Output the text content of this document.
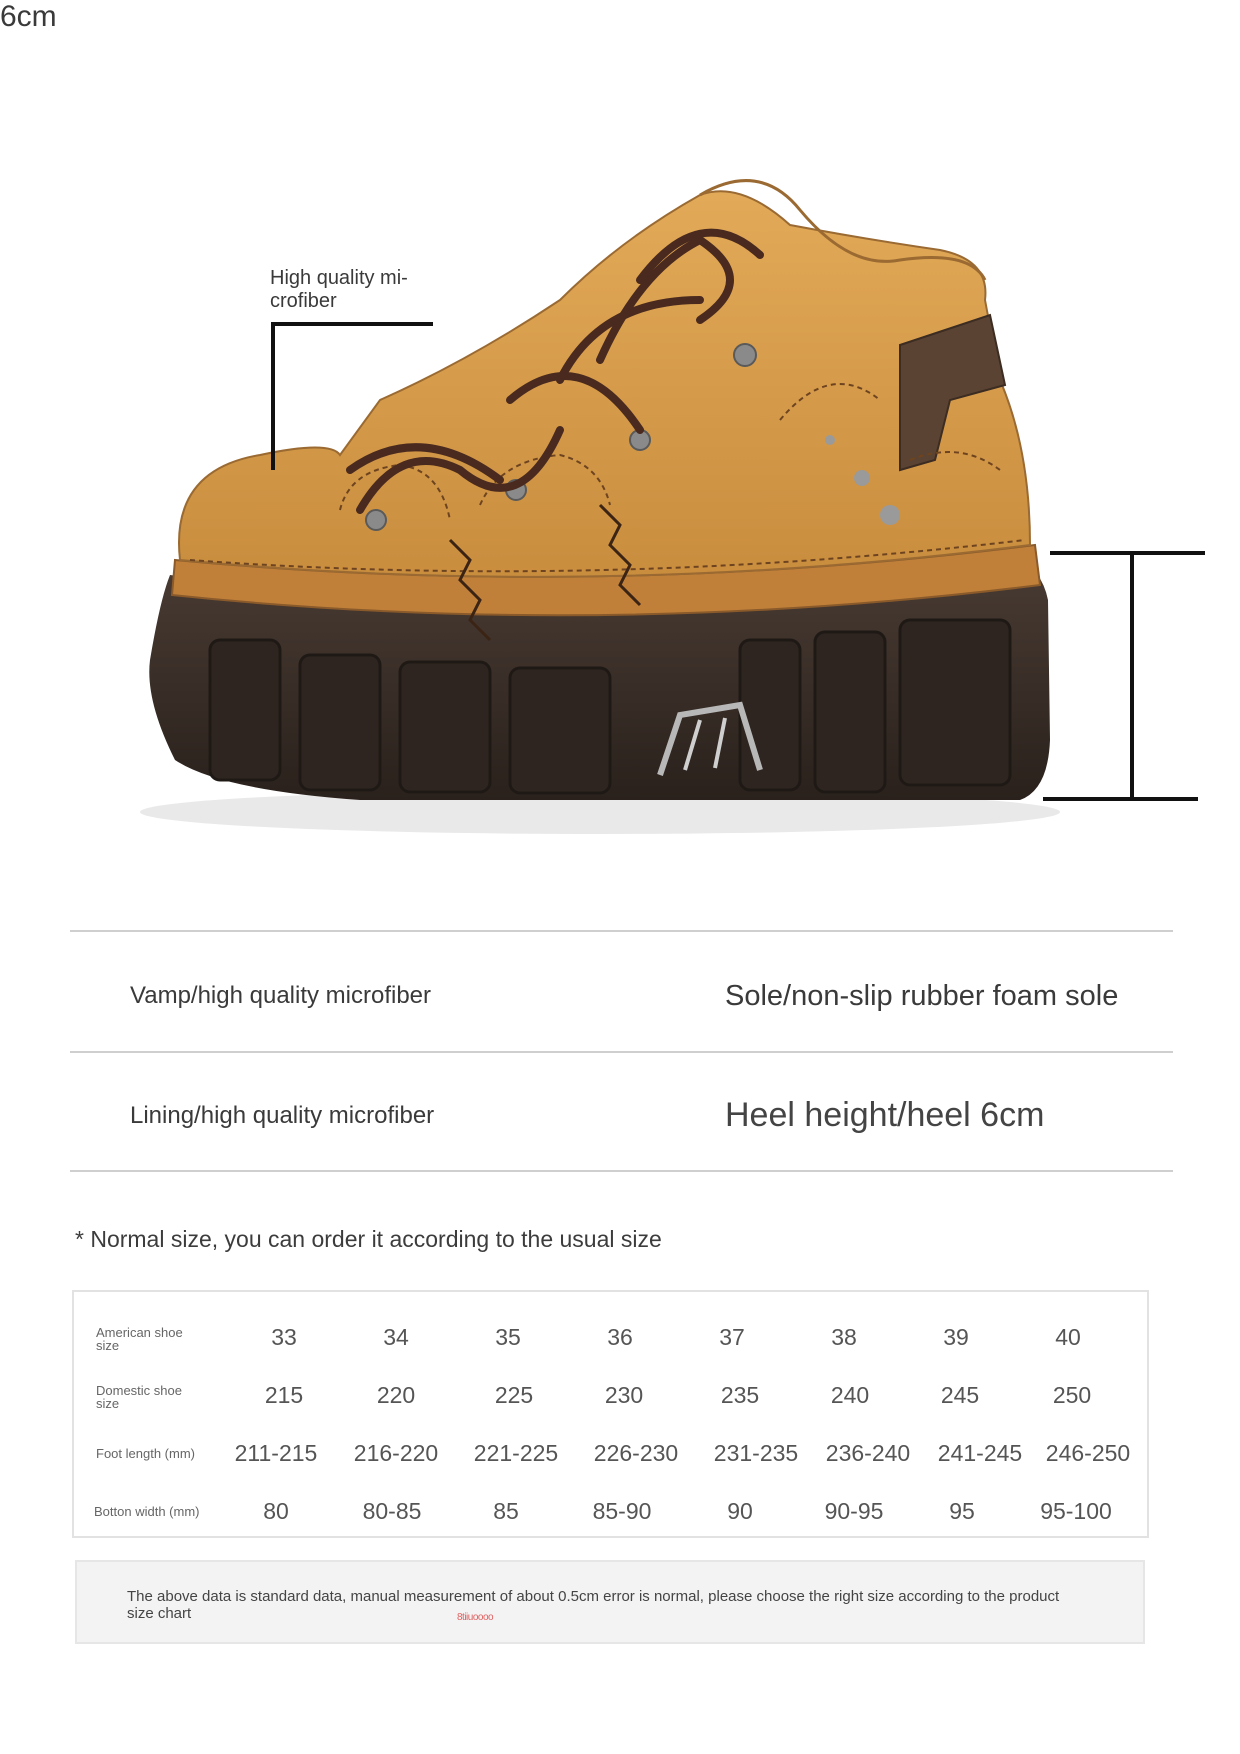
High quality mi-crofiber
6cm
Vamp/high quality microfiber	Sole/non-slip rubber foam sole
Lining/high quality microfiber	Heel height/heel 6cm
* Normal size, you can order it according to the usual size
American shoe size	33	34	35	36	37	38	39	40
Domestic shoe size	215	220	225	230	235	240	245	250
Foot length (mm)	211-215	216-220	221-225	226-230	231-235	236-240	241-245	246-250
Botton width (mm)	80	80-85	85	85-90	90	90-95	95	95-100
The above data is standard data, manual measurement of about 0.5cm error is normal, please choose the right size according to the product size chart	8tiiuoooo
